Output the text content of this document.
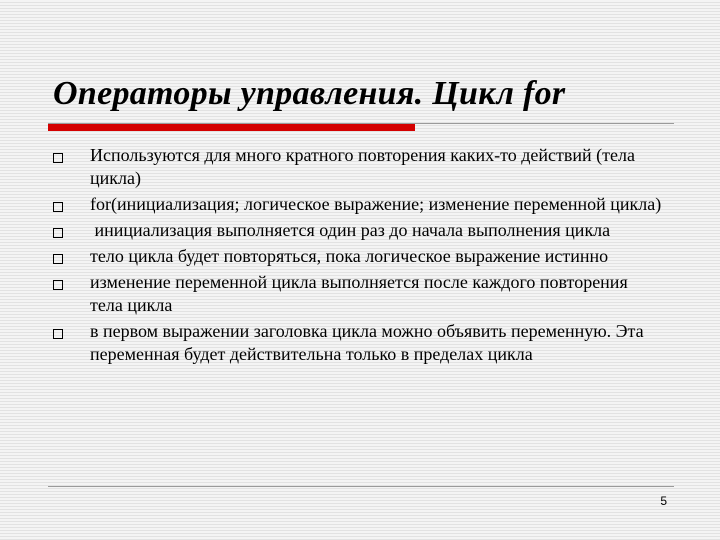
Операторы управления. Цикл for
Используются для много кратного повторения каких-то действий (тела цикла)
for(инициализация; логическое выражение; изменение переменной цикла)
инициализация выполняется один раз до начала выполнения цикла
тело цикла будет повторяться, пока логическое выражение истинно
изменение переменной цикла выполняется после каждого повторения тела цикла
в первом выражении заголовка цикла можно объявить переменную. Эта переменная будет действительна только в пределах цикла
5
